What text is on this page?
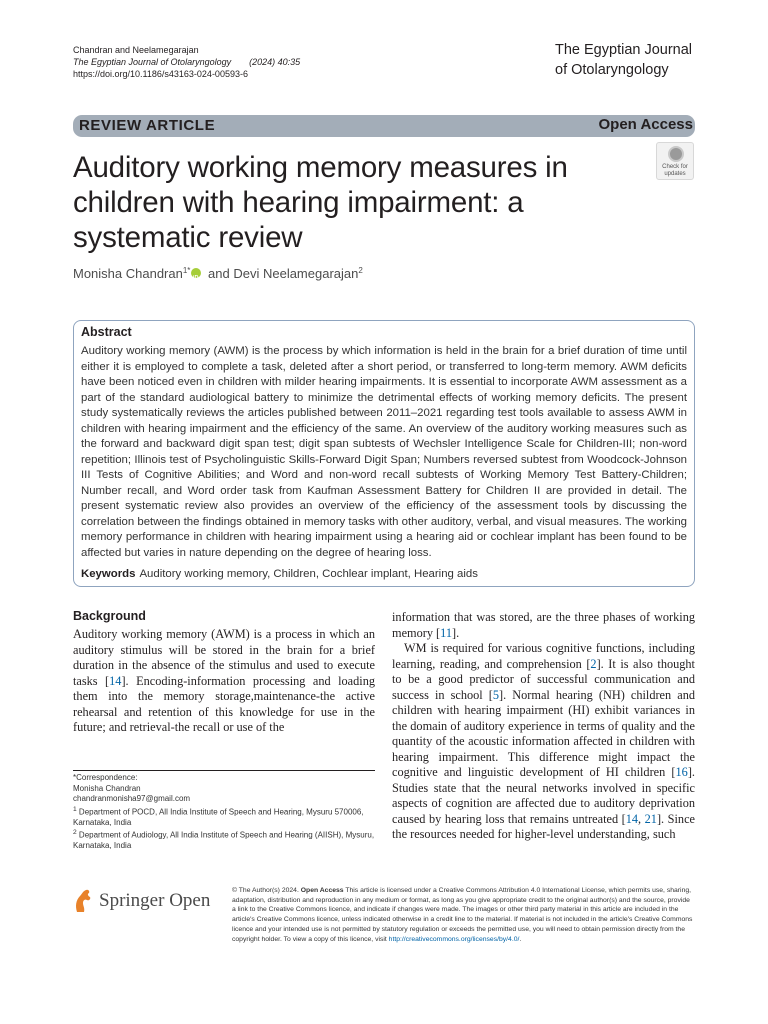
Chandran and Neelamegarajan
The Egyptian Journal of Otolaryngology (2024) 40:35
https://doi.org/10.1186/s43163-024-00593-6
The Egyptian Journal
of Otolaryngology
REVIEW ARTICLE	Open Access
Auditory working memory measures in children with hearing impairment: a systematic review
Check for
updates
Monisha Chandran$^{1*}$iD and Devi Neelamegarajan$^2$
Abstract
Auditory working memory (AWM) is the process by which information is held in the brain for a brief duration of time until either it is employed to complete a task, deleted after a short period, or transferred to long-term memory. AWM deficits have been noticed even in children with milder hearing impairments. It is essential to incorporate AWM assessment as a part of the standard audiological battery to minimize the detrimental effects of working memory deficits. The present study systematically reviews the articles published between 2011–2021 regarding test tools available to assess AWM in children with hearing impairment and the efficiency of the same. An overview of the auditory working measures such as the forward and backward digit span test; digit span subtests of Wechsler Intelligence Scale for Children-III; non-word repetition; Illinois test of Psycholinguistic Skills-Forward Digit Span; Numbers reversed subtest from Woodcock-Johnson III Tests of Cognitive Abilities; and Word and non-word recall subtests of Working Memory Test Battery-Children; Number recall, and Word order task from Kaufman Assessment Battery for Children II are provided in detail. The present systematic review also provides an overview of the efficiency of the assessment tools by discussing the correlation between the findings obtained in memory tasks with other auditory, verbal, and visual measures. The working memory performance in children with hearing impairment using a hearing aid or cochlear implant has been found to be affected but varies in nature depending on the degree of hearing loss.
Keywords Auditory working memory, Children, Cochlear implant, Hearing aids
Background

Auditory working memory (AWM) is a process in which an auditory stimulus will be stored in the brain for a brief duration in the absence of the stimulus and used to execute tasks [14]. Encoding-information processing and loading them into the memory storage,maintenance-the active rehearsal and retention of this knowledge for use in the future; and retrieval-the recall or use of the

information that was stored, are the three phases of working memory [11].

WM is required for various cognitive functions, including learning, reading, and comprehension [2]. It is also thought to be a good predictor of successful communication and success in school [5]. Normal hearing (NH) children and children with hearing impairment (HI) exhibit variances in the domain of auditory experience in terms of quality and the quantity of the acoustic information affected in children with hearing impairment. This difference might impact the cognitive and linguistic development of HI children [16]. Studies state that the neural networks involved in specific aspects of cognition are affected due to auditory deprivation caused by hearing loss that remains untreated [14, 21]. Since the resources needed for higher-level understanding, such

*Correspondence:
Monisha Chandran
chandranmonisha97@gmail.com
$^1$ Department of POCD, All India Institute of Speech and Hearing, Mysuru 570006, Karnataka, India
$^2$ Department of Audiology, All India Institute of Speech and Hearing (AIISH), Mysuru, Karnataka, India
Springer Open	© The Author(s) 2024. Open Access This article is licensed under a Creative Commons Attribution 4.0 International License, which permits use, sharing, adaptation, distribution and reproduction in any medium or format, as long as you give appropriate credit to the original author(s) and the source, provide a link to the Creative Commons licence, and indicate if changes were made. The images or other third party material in this article are included in the article's Creative Commons licence, unless indicated otherwise in a credit line to the material. If material is not included in the article's Creative Commons licence and your intended use is not permitted by statutory regulation or exceeds the permitted use, you will need to obtain permission directly from the copyright holder. To view a copy of this licence, visit http://creativecommons.org/licenses/by/4.0/.
